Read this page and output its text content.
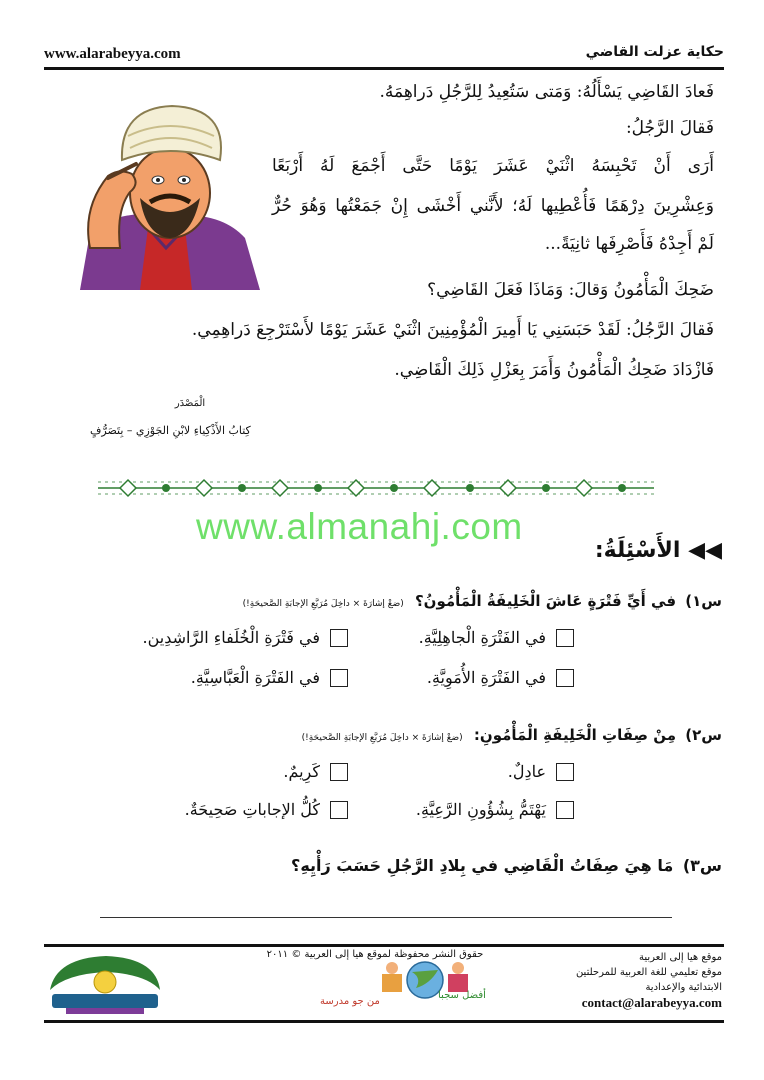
www.alarabeyya.com	حكاية عزلت القاضي
فَعادَ القَاضِي يَسْأَلُهُ: وَمَتى سَتُعِيدُ لِلرَّجُلِ دَراهِمَهُ.
فَقالَ الرَّجُلُ:
أَرَى أَنْ تَحْبِسَهُ اثْنَيْ عَشَرَ يَوْمًا حَتَّى أَجْمَعَ لَهُ أَرْبَعًا
وَعِشْرِينَ دِرْهَمًا فَأُعْطِيها لَهُ؛ لأَنَّني أَخْشَى إِنْ جَمَعْتُها وَهُوَ حُرٌّ
لَمْ أَجِدْهُ فَأَصْرِفَها ثانِيَةً...
ضَحِكَ الْمَأْمُونُ وَقالَ: وَمَاذَا فَعَلَ القَاضِي؟
فَقالَ الرَّجُلُ: لَقَدْ حَبَسَنِي يَا أَمِيرَ الْمُؤْمِنِينَ اثْنَيْ عَشَرَ يَوْمًا لأَسْتَرْجِعَ دَراهِمِي.
فَازْدَادَ ضَحِكُ الْمَأْمُونُ وَأَمَرَ بِعَزْلِ ذَلِكَ الْقَاضِي.
الْمَصْدَر
كِتابُ الأَذْكِياءِ لابْنِ الجَوْزِي – بِتَصَرُّفٍ
www.almanahj.com
◀◀ الأَسْئِلَةُ:
س١) في أَيِّ فَتْرَةٍ عَاشَ الْخَلِيفَةُ الْمَأْمُونُ؟ (ضعْ إشارَةَ × داخِلَ مُرَبَّعِ الإجابَةِ الصَّحيحَةِ!)
في الفَتْرَةِ الْجاهِلِيَّةِ.
في فَتْرَةِ الْخُلَفاءِ الرَّاشِدِين.
في الفَتْرَةِ الأُمَوِيَّةِ.
في الفَتْرَةِ الْعَبَّاسِيَّةِ.
س٢) مِنْ صِفَاتِ الْخَلِيفَةِ الْمَأْمُونِ: (ضعْ إشارَةَ × داخِلَ مُرَبَّعِ الإجابَةِ الصَّحيحَةِ!)
عادِلٌ.
كَرِيمٌ.
يَهْتَمُّ بِشُؤُونِ الرَّعِيَّةِ.
كُلُّ الإجاباتِ صَحِيحَةٌ.
س٣) مَا هِيَ صِفَاتُ الْقَاضِي في بِلادِ الرَّجُلِ حَسَبَ رَأْيِهِ؟
موقع هيا إلى العربية
موقع تعليمي للغة العربية للمرحلتين
الابتدائية والإعدادية
contact@alarabeyya.com
حقوق النشر محفوظة لموقع هيا إلى العربية © ٢٠١١
من جو مدرسة
أفضل سجبا
